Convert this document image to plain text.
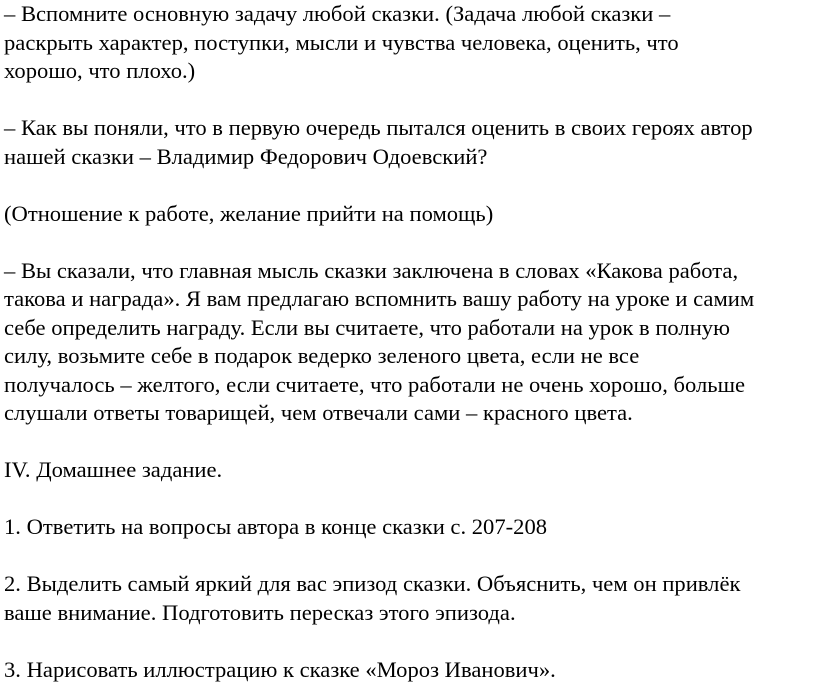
– Вспомните основную задачу любой сказки. (Задача любой сказки –
раскрыть характер, поступки, мысли и чувства человека, оценить, что
хорошо, что плохо.)

– Как вы поняли, что в первую очередь пытался оценить в своих героях автор
нашей сказки – Владимир Федорович Одоевский?

(Отношение к работе, желание прийти на помощь)

– Вы сказали, что главная мысль сказки заключена в словах «Какова работа,
такова и награда». Я вам предлагаю вспомнить вашу работу на уроке и самим
себе определить награду. Если вы считаете, что работали на урок в полную
силу, возьмите себе в подарок ведерко зеленого цвета, если не все
получалось – желтого, если считаете, что работали не очень хорошо, больше
слушали ответы товарищей, чем отвечали сами – красного цвета.

IV. Домашнее задание.

1. Ответить на вопросы автора в конце сказки с. 207-208

2. Выделить самый яркий для вас эпизод сказки. Объяснить, чем он привлёк
ваше внимание. Подготовить пересказ этого эпизода.

3. Нарисовать иллюстрацию к сказке «Мороз Иванович».
